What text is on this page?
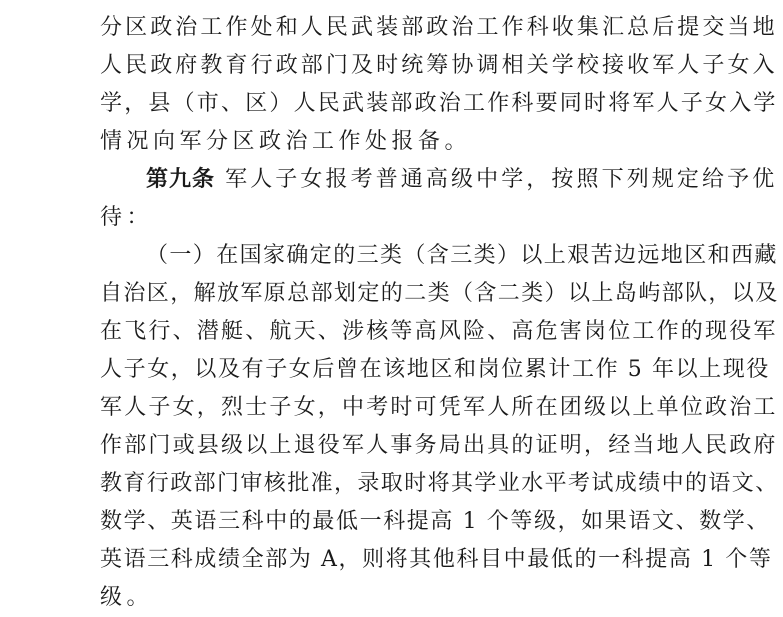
分区政治工作处和人民武装部政治工作科收集汇总后提交当地
人民政府教育行政部门及时统筹协调相关学校接收军人子女入
学，县（市、区）人民武装部政治工作科要同时将军人子女入学
情况向军分区政治工作处报备。
第九条 军人子女报考普通高级中学，按照下列规定给予优
待：
（一）在国家确定的三类（含三类）以上艰苦边远地区和西藏
自治区，解放军原总部划定的二类（含二类）以上岛屿部队，以及
在飞行、潜艇、航天、涉核等高风险、高危害岗位工作的现役军
人子女，以及有子女后曾在该地区和岗位累计工作 5 年以上现役
军人子女，烈士子女，中考时可凭军人所在团级以上单位政治工
作部门或县级以上退役军人事务局出具的证明，经当地人民政府
教育行政部门审核批准，录取时将其学业水平考试成绩中的语文、
数学、英语三科中的最低一科提高 1 个等级，如果语文、数学、
英语三科成绩全部为 A，则将其他科目中最低的一科提高 1 个等
级。
